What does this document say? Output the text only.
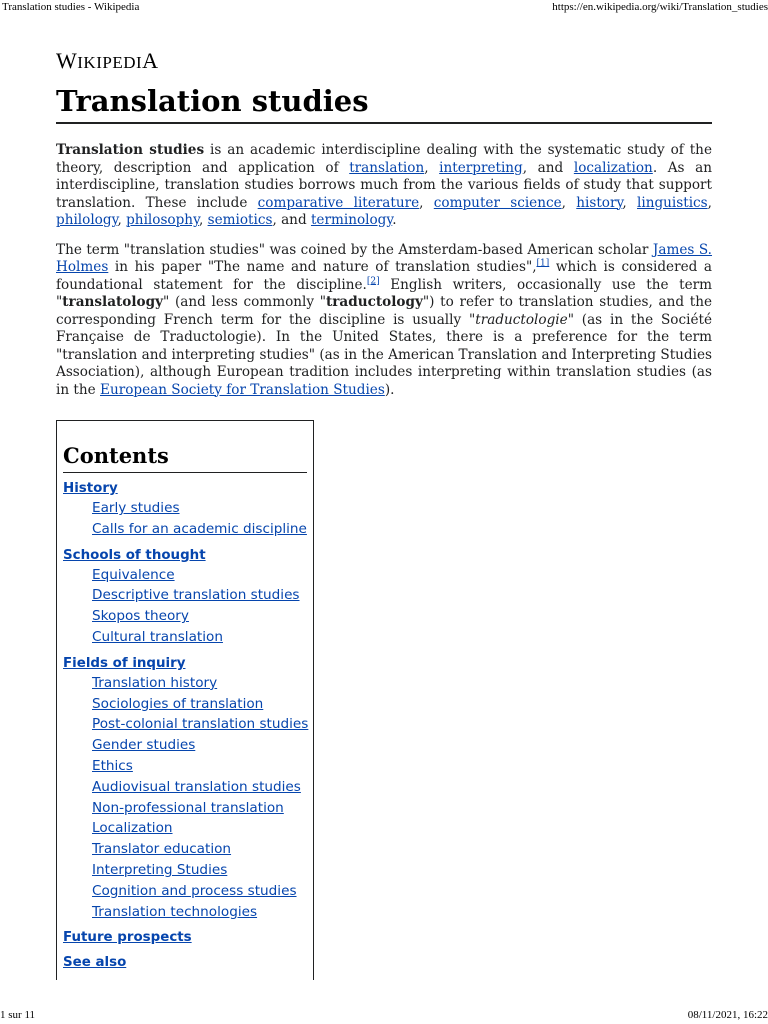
Translation studies - Wikipedia	https://en.wikipedia.org/wiki/Translation_studies
WIKIPEDIA
Translation studies

Translation studies is an academic interdiscipline dealing with the systematic study of the theory, description and application of translation, interpreting, and localization. As an interdiscipline, translation studies borrows much from the various fields of study that support translation. These include comparative literature, computer science, history, linguistics, philology, philosophy, semiotics, and terminology.

The term "translation studies" was coined by the Amsterdam-based American scholar James S. Holmes in his paper "The name and nature of translation studies",[1] which is considered a foundational statement for the discipline.[2] English writers, occasionally use the term "translatology" (and less commonly "traductology") to refer to translation studies, and the corresponding French term for the discipline is usually "traductologie" (as in the Société Française de Traductologie). In the United States, there is a preference for the term "translation and interpreting studies" (as in the American Translation and Interpreting Studies Association), although European tradition includes interpreting within translation studies (as in the European Society for Translation Studies).

Contents
History
Early studies
Calls for an academic discipline
Schools of thought
Equivalence
Descriptive translation studies
Skopos theory
Cultural translation
Fields of inquiry
Translation history
Sociologies of translation
Post-colonial translation studies
Gender studies
Ethics
Audiovisual translation studies
Non-professional translation
Localization
Translator education
Interpreting Studies
Cognition and process studies
Translation technologies
Future prospects
See also
1 sur 11	08/11/2021, 16:22
